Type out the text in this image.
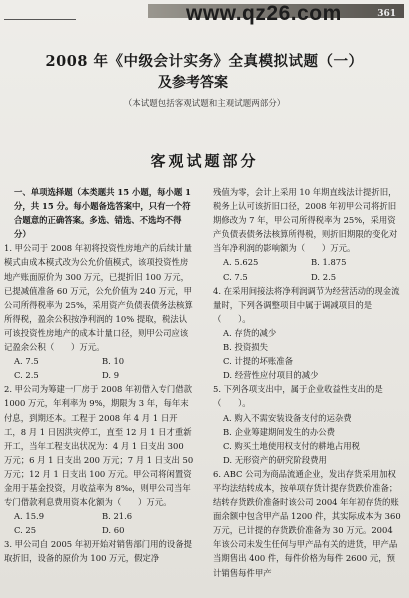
361
www.qz26.com
2008 年《中级会计实务》全真模拟试题（一）
及参考答案
（本试题包括客观试题和主观试题两部分）
客观试题部分

一、单项选择题（本类题共 15 小题，每小题 1 分，共 15 分。每小题备选答案中，只有一个符合题意的正确答案。多选、错选、不选均不得分）

1. 甲公司于 2008 年初将投资性房地产的后续计量模式由成本模式改为公允价值模式，该项投资性房地产账面原价为 300 万元，已提折旧 100 万元，已提减值准备 60 万元，公允价值为 240 万元，甲公司所得税率为 25%，采用资产负债表债务法核算所得税，盈余公积按净利润的 10% 提取，税法认可该投资性房地产的成本计量口径，则甲公司应该记盈余公积（　　）万元。

A. 7.5	B. 10
C. 2.5	D. 9

2. 甲公司为筹建一厂房于 2008 年初借入专门借款 1000 万元，年利率为 9%，期限为 3 年，每年末付息，到期还本。工程于 2008 年 4 月 1 日开工，8 月 1 日因洪灾停工，直至 12 月 1 日才重新开工，当年工程支出状况为：4 月 1 日支出 300 万元；6 月 1 日支出 200 万元；7 月 1 日支出 50 万元；12 月 1 日支出 100 万元。甲公司将闲置资金用于基金投资，月收益率为 8‰，则甲公司当年专门借款利息费用资本化额为（　　）万元。

A. 15.9	B. 21.6
C. 25	D. 60

3. 甲公司自 2005 年初开始对销售部门用的设备提取折旧，设备的原价为 100 万元，假定净

残值为零，会计上采用 10 年期直线法计提折旧，税务上认可该折旧口径，2008 年初甲公司将折旧期修改为 7 年，甲公司所得税率为 25%，采用资产负债表债务法核算所得税，则折旧期限的变化对当年净利润的影响额为（　　）万元。

A. 5.625	B. 1.875
C. 7.5	D. 2.5

4. 在采用间接法将净利润调节为经营活动的现金流量时，下列各调整项目中属于调减项目的是（　　）。

A. 存货的减少
B. 投资损失
C. 计提的坏账准备
D. 经营性应付项目的减少

5. 下列各项支出中，属于企业收益性支出的是（　　）。

A. 购入不需安装设备支付的运杂费
B. 企业筹建期间发生的办公费
C. 购买土地使用权支付的耕地占用税
D. 无形资产的研究阶段费用

6. ABC 公司为商品流通企业，发出存货采用加权平均法结转成本，按单项存货计提存货跌价准备；结转存货跌价准备时该公司 2004 年年初存货的账面余额中包含甲产品 1200 件，其实际成本为 360 万元，已计提的存货跌价准备为 30 万元。2004 年该公司未发生任何与甲产品有关的进货，甲产品当期售出 400 件，每件价格为每件 2600 元，预计销售每件甲产
